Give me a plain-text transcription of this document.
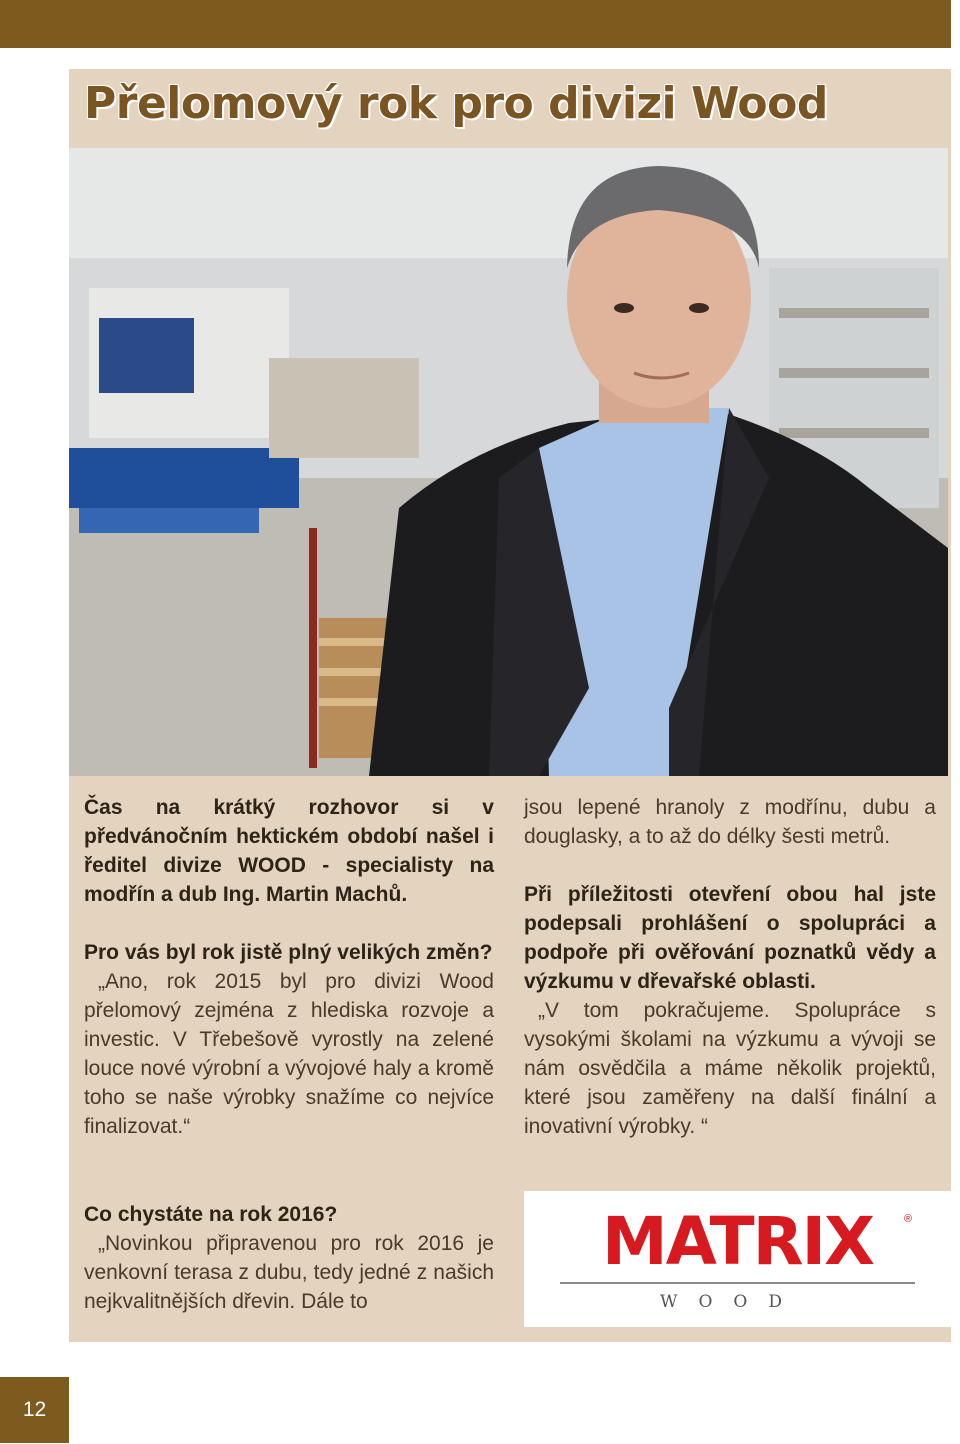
Přelomový rok pro divizi Wood

Čas na krátký rozhovor si v předvánočním hektickém období našel i ředitel divize WOOD - specialisty na modřín a dub Ing. Martin Machů.

Pro vás byl rok jistě plný velikých změn?

„Ano, rok 2015 byl pro divizi Wood přelomový zejména z hlediska rozvoje a investic. V Třebešově vyrostly na zelené louce nové výrobní a vývojové haly a kromě toho se naše výrobky snažíme co nejvíce finalizovat.“

Co chystáte na rok 2016?

„Novinkou připravenou pro rok 2016 je venkovní terasa z dubu, tedy jedné z našich nejkvalitnějších dřevin. Dále to

jsou lepené hranoly z modřínu, dubu a douglasky, a to až do délky šesti metrů.

Při příležitosti otevření obou hal jste podepsali prohlášení o spolupráci a podpoře při ověřování poznatků vědy a výzkumu v dřevařské oblasti.

„V tom pokračujeme. Spolupráce s vysokými školami na výzkumu a vývoji se nám osvědčila a máme několik projektů, které jsou zaměřeny na další finální a inovativní výrobky. “

MATRIX	®
WOOD
12
